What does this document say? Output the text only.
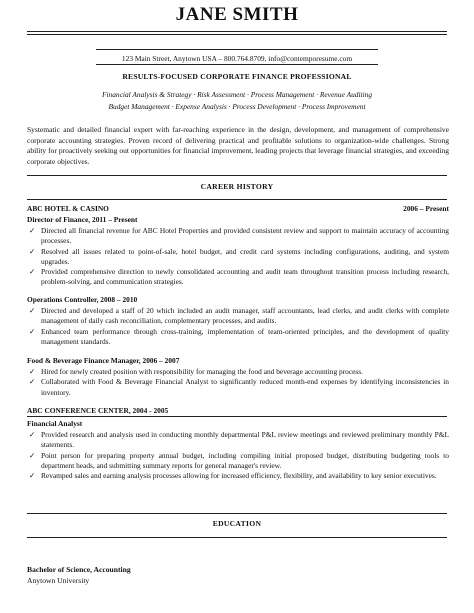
JANE SMITH
123 Main Street, Anytown USA – 800.764.8709, info@contemporesume.com
RESULTS-FOCUSED CORPORATE FINANCE PROFESSIONAL
Financial Analysis & Strategy · Risk Assessment · Process Management · Revenue Auditing
Budget Management · Expense Analysis · Process Development · Process Improvement
Systematic and detailed financial expert with far-reaching experience in the design, development, and management of comprehensive corporate accounting strategies. Proven record of delivering practical and profitable solutions to organization-wide challenges. Strong ability for proactively seeking out opportunities for financial improvement, leading projects that leverage financial strategies, and exceeding corporate objectives.
CAREER HISTORY
ABC HOTEL & CASINO	2006 – Present
Director of Finance, 2011 – Present
✓ Directed all financial revenue for ABC Hotel Properties and provided consistent review and support to maintain accuracy of accounting processes.
✓ Resolved all issues related to point-of-sale, hotel budget, and credit card systems including configurations, auditing, and system upgrades.
✓ Provided comprehensive direction to newly consolidated accounting and audit team throughout transition process including research, problem-solving, and communication strategies.
Operations Controller, 2008 – 2010
✓ Directed and developed a staff of 20 which included an audit manager, staff accountants, lead clerks, and audit clerks with complete management of daily cash reconciliation, complementary processes, and audits.
✓ Enhanced team performance through cross-training, implementation of team-oriented principles, and the development of quality management standards.
Food & Beverage Finance Manager, 2006 – 2007
✓ Hired for newly created position with responsibility for managing the food and beverage accounting process.
✓ Collaborated with Food & Beverage Financial Analyst to significantly reduced month-end expenses by identifying inconsistencies in inventory.
ABC CONFERENCE CENTER, 2004 - 2005
Financial Analyst
✓ Provided research and analysis used in conducting monthly departmental P&L review meetings and reviewed preliminary monthly P&L statements.
✓ Point person for preparing property annual budget, including compiling initial proposed budget, distributing budgeting tools to department heads, and submitting summary reports for general manager's review.
✓ Revamped sales and earning analysis processes allowing for increased efficiency, flexibility, and availability to key senior executives.
EDUCATION
Bachelor of Science, Accounting
Anytown University
